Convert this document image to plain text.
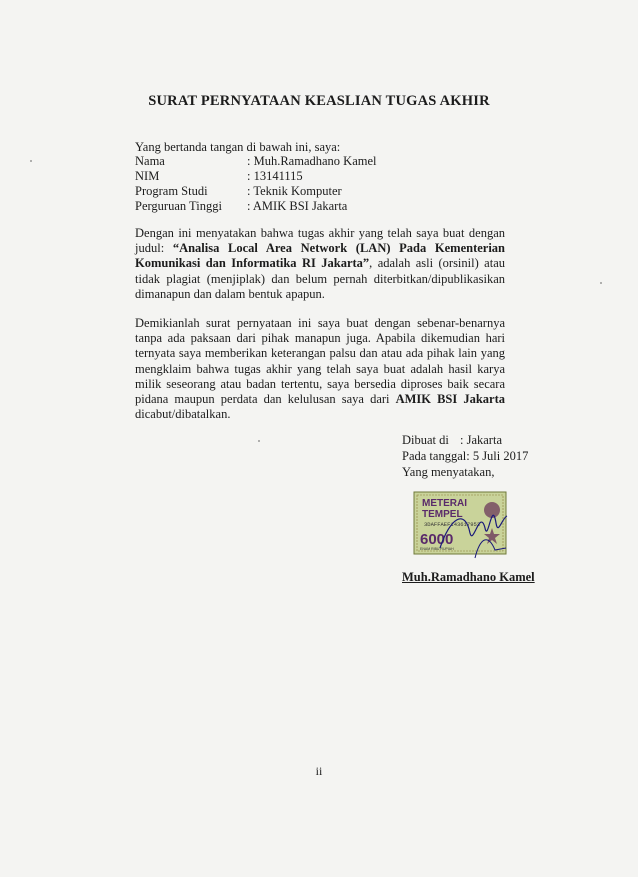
SURAT PERNYATAAN KEASLIAN TUGAS AKHIR
Yang bertanda tangan di bawah ini, saya:
Nama	: Muh.Ramadhano Kamel
NIM	: 13141115
Program Studi	: Teknik Komputer
Perguruan Tinggi	: AMIK BSI Jakarta
Dengan ini menyatakan bahwa tugas akhir yang telah saya buat dengan judul: “Analisa Local Area Network (LAN) Pada Kementerian Komunikasi dan Informatika RI Jakarta”, adalah asli (orsinil) atau tidak plagiat (menjiplak) dan belum pernah diterbitkan/dipublikasikan dimanapun dan dalam bentuk apapun.
Demikianlah surat pernyataan ini saya buat dengan sebenar-benarnya tanpa ada paksaan dari pihak manapun juga. Apabila dikemudian hari ternyata saya memberikan keterangan palsu dan atau ada pihak lain yang mengklaim bahwa tugas akhir yang telah saya buat adalah hasil karya milik seseorang atau badan tertentu, saya bersedia diproses baik secara pidana maupun perdata dan kelulusan saya dari AMIK BSI Jakarta dicabut/dibatalkan.
Dibuat di : Jakarta
Pada tanggal: 5 Juli 2017
Yang menyatakan,
METERAI
TEMPEL
3DAFFAEF143617953
6000
ENAM RIBU RUPIAH
Muh.Ramadhano Kamel
ii
